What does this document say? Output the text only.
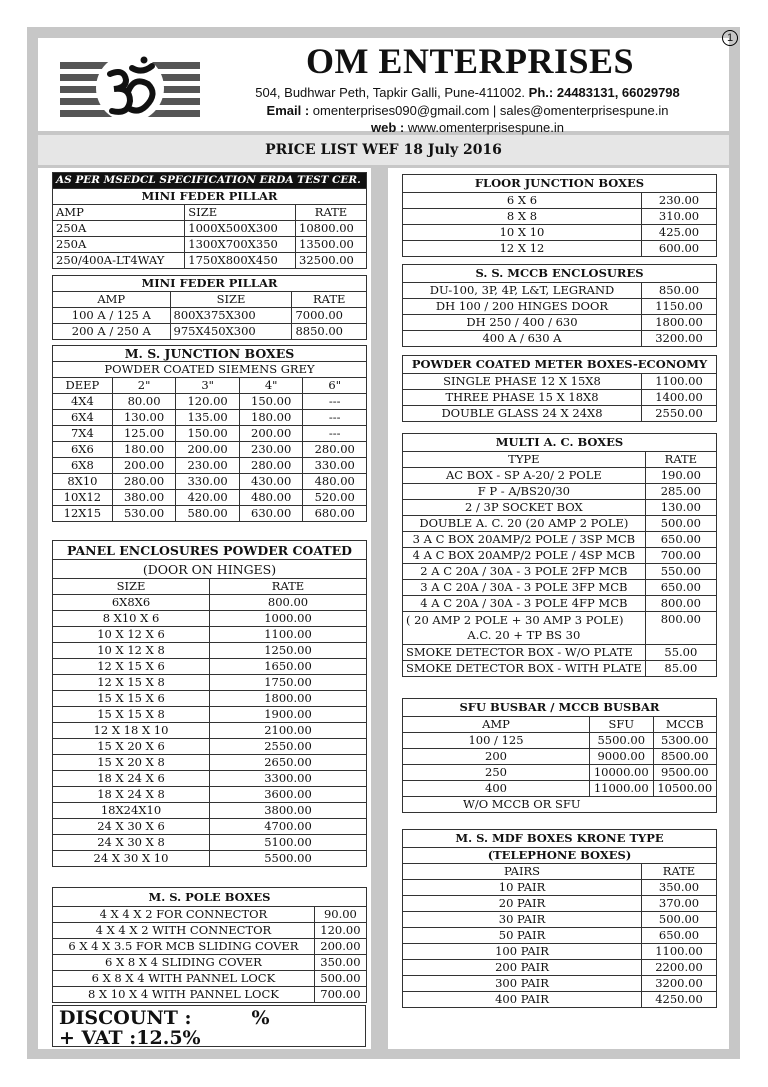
1
OM ENTERPRISES
504, Budhwar Peth, Tapkir Galli, Pune-411002. Ph.: 24483131, 66029798
Email : omenterprises090@gmail.com | sales@omenterprisespune.in
web : www.omenterprisespune.in
PRICE LIST WEF 18 July 2016
AS PER MSEDCL SPECIFICATION ERDA TEST CER.		
MINI FEDER PILLAR		
AMP	SIZE	RATE
250A	1000X500X300	10800.00
250A	1300X700X350	13500.00
250/400A-LT4WAY	1750X800X450	32500.00
MINI FEDER PILLAR		
AMP	SIZE	RATE
100 A / 125 A	800X375X300	7000.00
200 A / 250 A	975X450X300	8850.00
M. S. JUNCTION BOXES				
POWDER COATED SIEMENS GREY				
DEEP	2"	3"	4"	6"
4X4	80.00	120.00	150.00	---
6X4	130.00	135.00	180.00	---
7X4	125.00	150.00	200.00	---
6X6	180.00	200.00	230.00	280.00
6X8	200.00	230.00	280.00	330.00
8X10	280.00	330.00	430.00	480.00
10X12	380.00	420.00	480.00	520.00
12X15	530.00	580.00	630.00	680.00
PANEL ENCLOSURES POWDER COATED	
(DOOR ON HINGES)	
SIZE	RATE
6X8X6	800.00
8 X10 X 6	1000.00
10 X 12 X 6	1100.00
10 X 12 X 8	1250.00
12 X 15 X 6	1650.00
12 X 15 X 8	1750.00
15 X 15 X 6	1800.00
15 X 15 X 8	1900.00
12 X 18 X 10	2100.00
15 X 20 X 6	2550.00
15 X 20 X 8	2650.00
18 X 24 X 6	3300.00
18 X 24 X 8	3600.00
18X24X10	3800.00
24 X 30 X 6	4700.00
24 X 30 X 8	5100.00
24 X 30 X 10	5500.00
M. S. POLE BOXES	
4 X 4 X 2 FOR CONNECTOR	90.00
4 X 4 X 2 WITH CONNECTOR	120.00
6 X 4 X 3.5 FOR MCB SLIDING COVER	200.00
6 X 8 X 4 SLIDING COVER	350.00
6 X 8 X 4 WITH PANNEL LOCK	500.00
8 X 10 X 4 WITH PANNEL LOCK	700.00
DISCOUNT :	%
+ VAT :12.5%
FLOOR JUNCTION BOXES	
6 X 6	230.00
8 X 8	310.00
10 X 10	425.00
12 X 12	600.00
S. S. MCCB ENCLOSURES	
DU-100, 3P, 4P, L&T, LEGRAND	850.00
DH 100 / 200 HINGES DOOR	1150.00
DH 250 / 400 / 630	1800.00
400 A / 630 A	3200.00
POWDER COATED METER BOXES-ECONOMY	
SINGLE PHASE 12 X 15X8	1100.00
THREE PHASE 15 X 18X8	1400.00
DOUBLE GLASS 24 X 24X8	2550.00
MULTI A. C. BOXES	
TYPE	RATE
AC BOX - SP A-20/ 2 POLE	190.00
F P - A/BS20/30	285.00
2 / 3P SOCKET BOX	130.00
DOUBLE A. C. 20 (20 AMP 2 POLE)	500.00
3 A C BOX 20AMP/2 POLE / 3SP MCB	650.00
4 A C BOX 20AMP/2 POLE / 4SP MCB	700.00
2 A C 20A / 30A - 3 POLE 2FP MCB	550.00
3 A C 20A / 30A - 3 POLE 3FP MCB	650.00
4 A C 20A / 30A - 3 POLE 4FP MCB	800.00

( 20 AMP 2 POLE + 30 AMP 3 POLE)
A.C. 20 + TP BS 30	800.00
SMOKE DETECTOR BOX - W/O PLATE	55.00
SMOKE DETECTOR BOX - WITH PLATE	85.00
SFU BUSBAR / MCCB BUSBAR		
AMP	SFU	MCCB
100 / 125	5500.00	5300.00
200	9000.00	8500.00
250	10000.00	9500.00
400	11000.00	10500.00
W/O MCCB OR SFU		
M. S. MDF BOXES KRONE TYPE	
(TELEPHONE BOXES)	
PAIRS	RATE
10 PAIR	350.00
20 PAIR	370.00
30 PAIR	500.00
50 PAIR	650.00
100 PAIR	1100.00
200 PAIR	2200.00
300 PAIR	3200.00
400 PAIR	4250.00
